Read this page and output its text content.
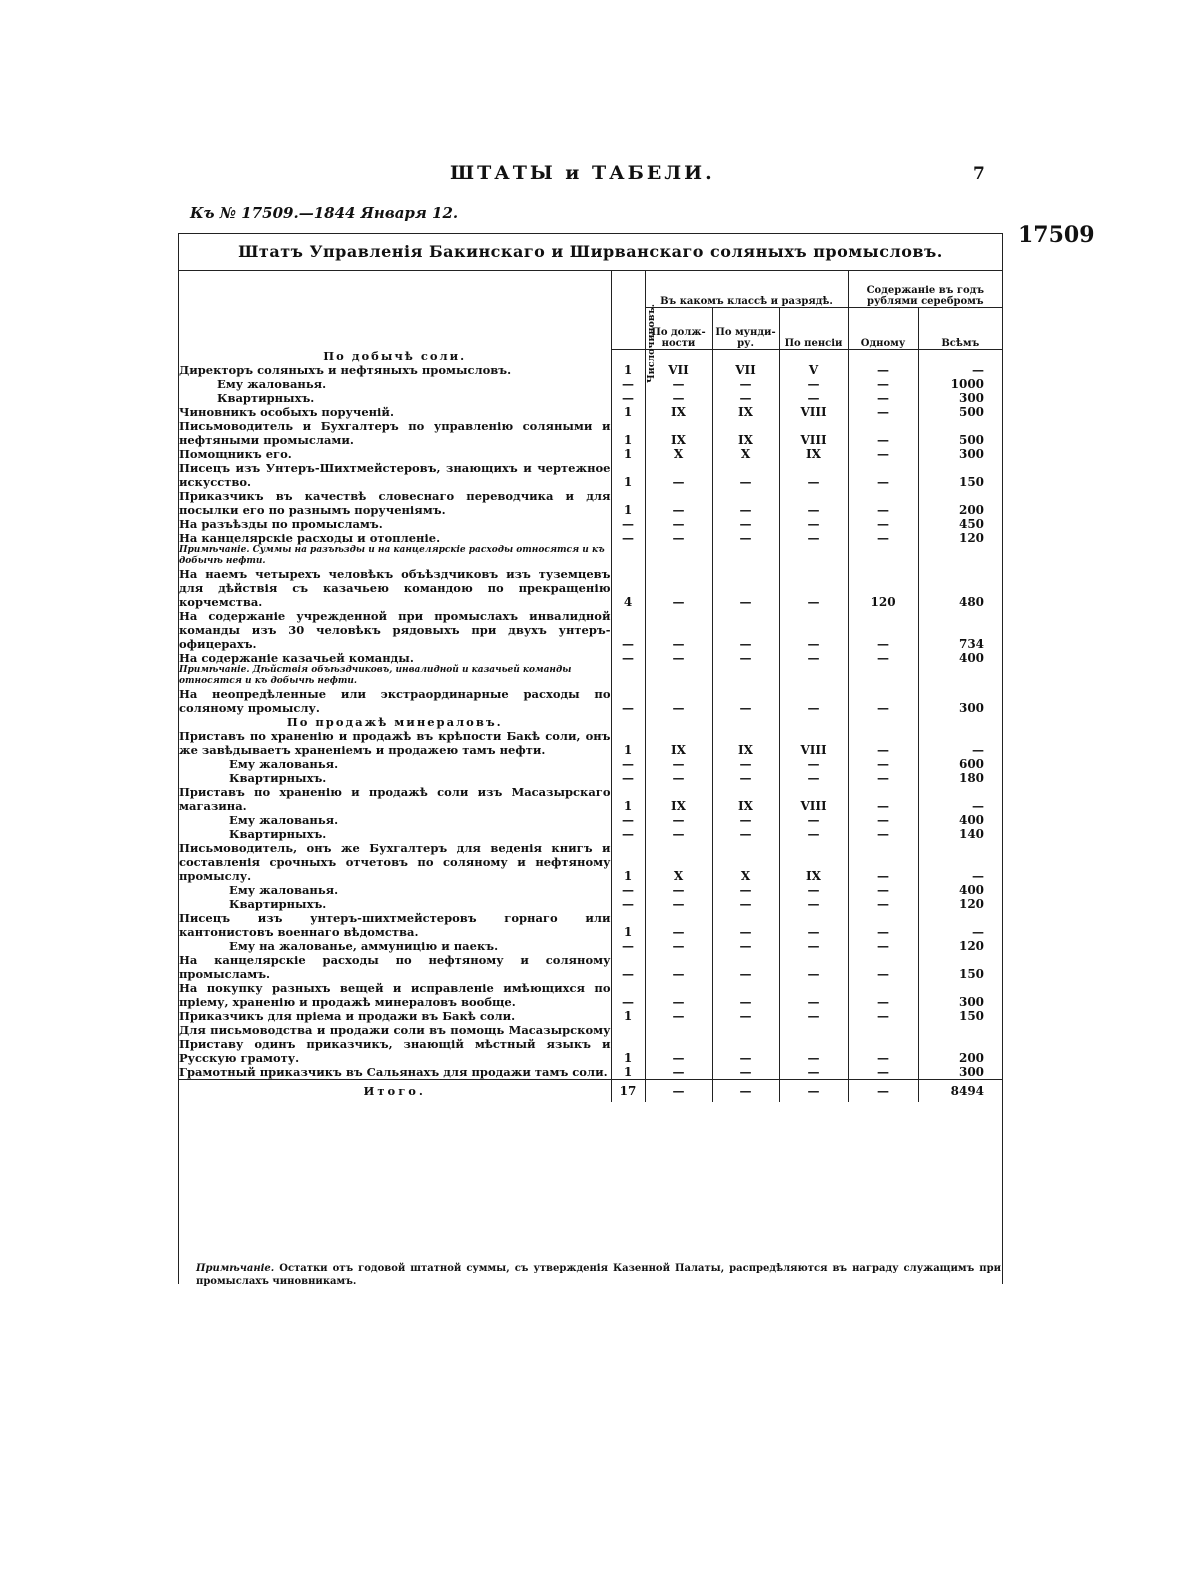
ШТАТЫ и ТАБЕЛИ.	7
Къ № 17509.—1844 Января 12.
17509
Штатъ Управленія Бакинскаго и Ширванскаго соляныхъ промысловъ.
	Числочиновъ.	Въ какомъ классѣ и разрядѣ.			Содержаніе въ годъ рублями серебромъ	
		По долж-ности	По мунди-ру.	По пенсіи	Одному	Всѣмъ
По добычѣ соли.						
Директоръ соляныхъ и нефтяныхъ промысловъ.	1	VII	VII	V	—	—
Ему жалованья.	—	—	—	—	—	1000
Квартирныхъ.	—	—	—	—	—	300
Чиновникъ особыхъ порученій.	1	IX	IX	VIII	—	500
Письмоводитель и Бухгалтеръ по управленію соляными и нефтяными промыслами.	1	IX	IX	VIII	—	500
Помощникъ его.	1	X	X	IX	—	300
Писецъ изъ Унтеръ-Шихтмейстеровъ, знающихъ и чертежное искусство.	1	—	—	—	—	150
Приказчикъ въ качествѣ словеснаго переводчика и для посылки его по разнымъ порученіямъ.	1	—	—	—	—	200
На разъѣзды по промысламъ.	—	—	—	—	—	450
На канцелярскіе расходы и отопленіе.	—	—	—	—	—	120
Примѣчаніе. Суммы на разъѣзды и на канцелярскіе расходы относятся и къ добычѣ нефти.						
На наемъ четырехъ человѣкъ объѣздчиковъ изъ туземцевъ для дѣйствія съ казачьею командою по прекращенію корчемства.	4	—	—	—	120	480
На содержаніе учрежденной при промыслахъ инвалидной команды изъ 30 человѣкъ рядовыхъ при двухъ унтеръ-офицерахъ.	—	—	—	—	—	734
На содержаніе казачьей команды.	—	—	—	—	—	400
Примѣчаніе. Дѣйствія объѣздчиковъ, инвалидной и казачьей команды относятся и къ добычѣ нефти.						
На неопредѣленные или экстраординарные расходы по соляному промыслу.	—	—	—	—	—	300
По продажѣ минераловъ.						
Приставъ по храненію и продажѣ въ крѣпости Бакѣ соли, онъ же завѣдываетъ храненіемъ и продажею тамъ нефти.	1	IX	IX	VIII	—	—
Ему жалованья.	—	—	—	—	—	600
Квартирныхъ.	—	—	—	—	—	180
Приставъ по храненію и продажѣ соли изъ Масазырскаго магазина.	1	IX	IX	VIII	—	—
Ему жалованья.	—	—	—	—	—	400
Квартирныхъ.	—	—	—	—	—	140
Письмоводитель, онъ же Бухгалтеръ для веденія книгъ и составленія срочныхъ отчетовъ по соляному и нефтяному промыслу.	1	X	X	IX	—	—
Ему жалованья.	—	—	—	—	—	400
Квартирныхъ.	—	—	—	—	—	120
Писецъ изъ унтеръ-шихтмейстеровъ горнаго или кантонистовъ военнаго вѣдомства.	1	—	—	—	—	—
Ему на жалованье, аммуницію и паекъ.	—	—	—	—	—	120
На канцелярскіе расходы по нефтяному и соляному промысламъ.	—	—	—	—	—	150
На покупку разныхъ вещей и исправленіе имѣющихся по пріему, храненію и продажѣ минераловъ вообще.	—	—	—	—	—	300
Приказчикъ для пріема и продажи въ Бакѣ соли.	1	—	—	—	—	150
Для письмоводства и продажи соли въ помощь Масазырскому Приставу одинъ приказчикъ, знающій мѣстный языкъ и Русскую грамоту.	1	—	—	—	—	200
Грамотный приказчикъ въ Сальянахъ для продажи тамъ соли.	1	—	—	—	—	300
Итого.	17	—	—	—	—	8494
Примѣчаніе. Остатки отъ годовой штатной суммы, съ утвержденія Казенной Палаты, распредѣляются въ награду служащимъ при промыслахъ чиновникамъ.
